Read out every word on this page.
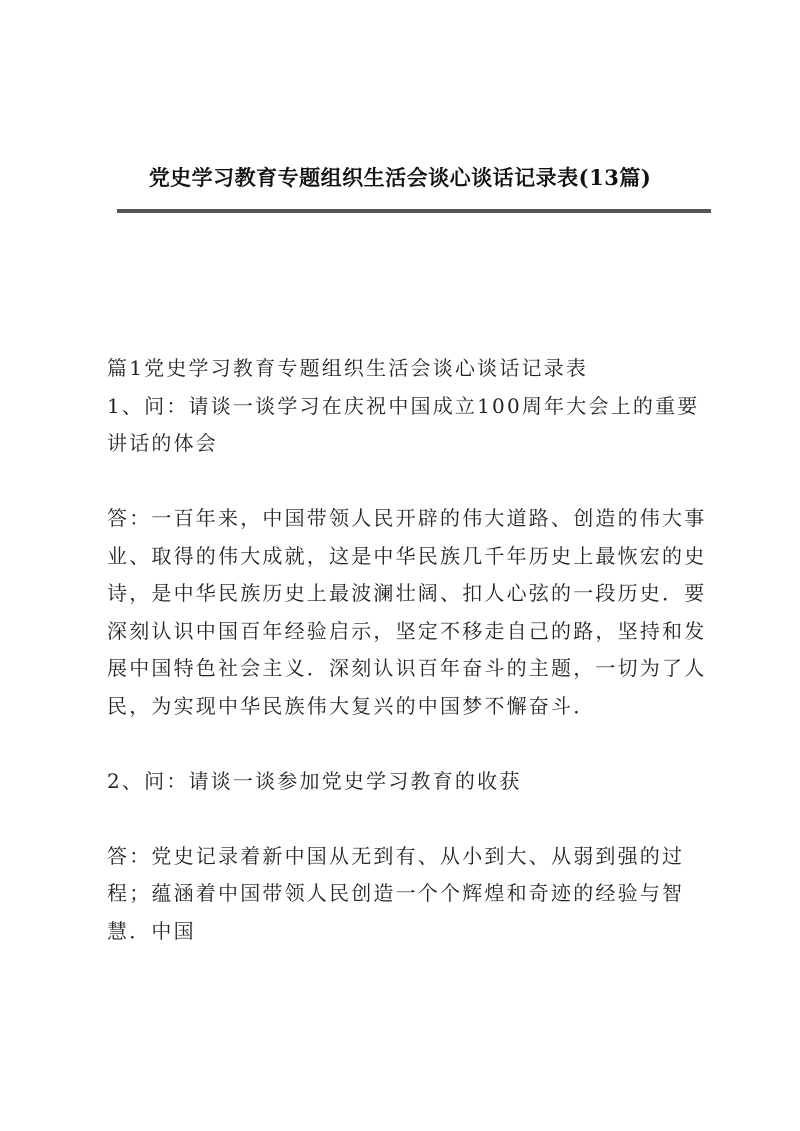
党史学习教育专题组织生活会谈心谈话记录表(13篇)

篇1党史学习教育专题组织生活会谈心谈话记录表

1、问：请谈一谈学习在庆祝中国成立100周年大会上的重要讲话的体会

答：一百年来，中国带领人民开辟的伟大道路、创造的伟大事业、取得的伟大成就，这是中华民族几千年历史上最恢宏的史诗，是中华民族历史上最波澜壮阔、扣人心弦的一段历史．要深刻认识中国百年经验启示，坚定不移走自己的路，坚持和发展中国特色社会主义．深刻认识百年奋斗的主题，一切为了人民，为实现中华民族伟大复兴的中国梦不懈奋斗．

2、问：请谈一谈参加党史学习教育的收获

答：党史记录着新中国从无到有、从小到大、从弱到强的过程；蕴涵着中国带领人民创造一个个辉煌和奇迹的经验与智慧．中国
